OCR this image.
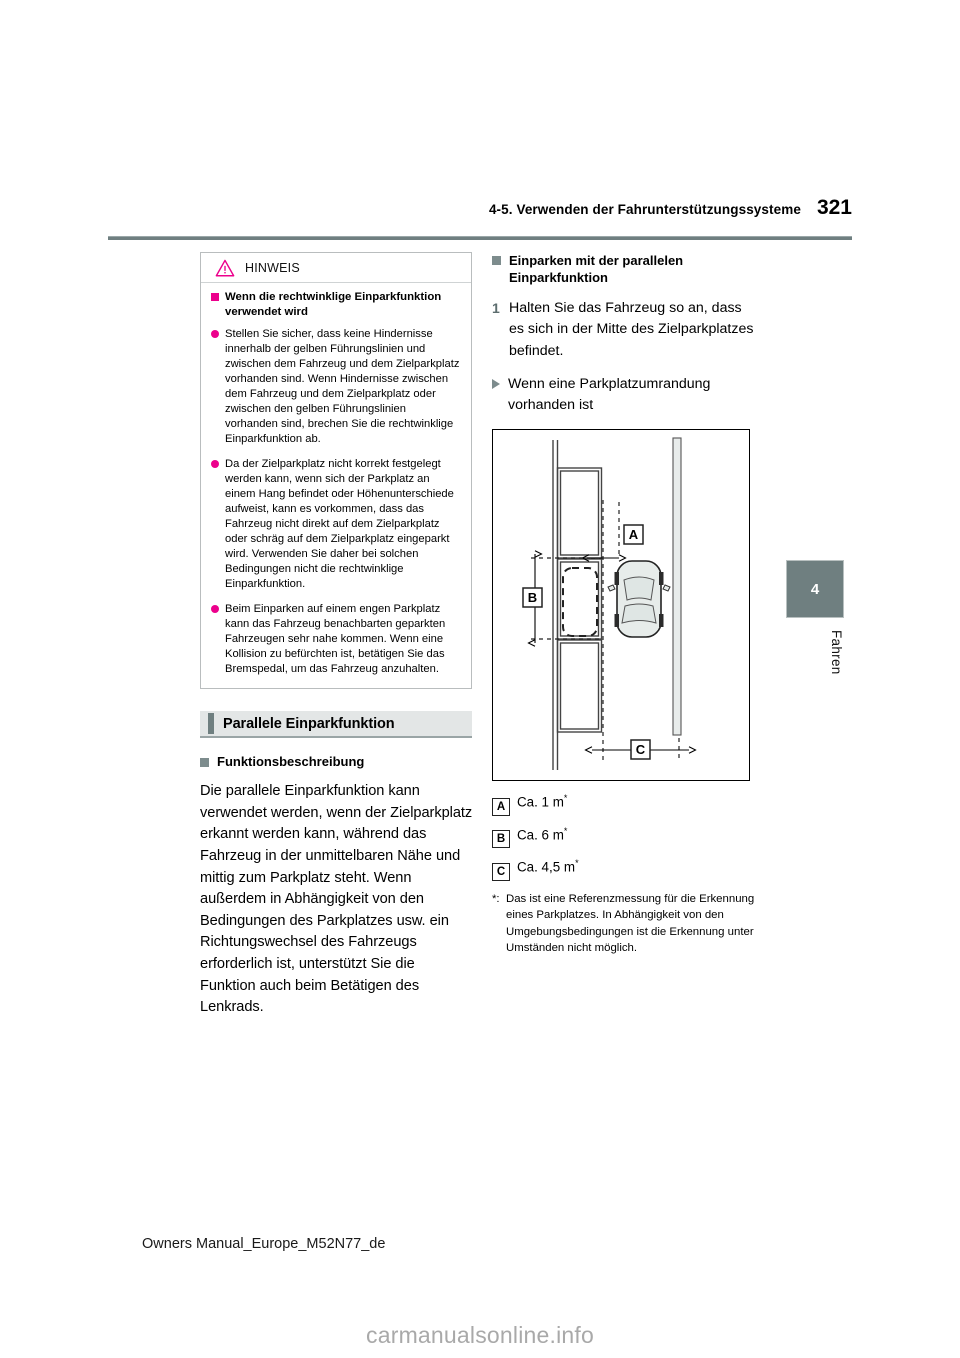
4-5. Verwenden der Fahrunterstützungssysteme 321
4
Fahren
HINWEIS
Wenn die rechtwinklige Einparkfunktion verwendet wird
Stellen Sie sicher, dass keine Hindernisse innerhalb der gelben Führungslinien und zwischen dem Fahrzeug und dem Zielparkplatz vorhanden sind. Wenn Hindernisse zwischen dem Fahrzeug und dem Zielparkplatz oder zwischen den gelben Führungslinien vorhanden sind, brechen Sie die rechtwinklige Einparkfunktion ab.
Da der Zielparkplatz nicht korrekt festgelegt werden kann, wenn sich der Parkplatz an einem Hang befindet oder Höhenunterschiede aufweist, kann es vorkommen, dass das Fahrzeug nicht direkt auf dem Zielparkplatz oder schräg auf dem Zielparkplatz eingeparkt wird. Verwenden Sie daher bei solchen Bedingungen nicht die rechtwinklige Einparkfunktion.
Beim Einparken auf einem engen Parkplatz kann das Fahrzeug benachbarten geparkten Fahrzeugen sehr nahe kommen. Wenn eine Kollision zu befürchten ist, betätigen Sie das Bremspedal, um das Fahrzeug anzuhalten.
Parallele Einparkfunktion
Funktionsbeschreibung
Die parallele Einparkfunktion kann verwendet werden, wenn der Zielparkplatz erkannt werden kann, während das Fahrzeug in der unmittelbaren Nähe und mittig zum Parkplatz steht. Wenn außerdem in Abhängigkeit von den Bedingungen des Parkplatzes usw. ein Richtungswechsel des Fahrzeugs erforderlich ist, unterstützt Sie die Funktion auch beim Betätigen des Lenkrads.
Einparken mit der parallelen Einparkfunktion
1 Halten Sie das Fahrzeug so an, dass es sich in der Mitte des Zielparkplatzes befindet.
Wenn eine Parkplatzumrandung vorhanden ist
A
B
C
A Ca. 1 m*
B Ca. 6 m*
C Ca. 4,5 m*
*: Das ist eine Referenzmessung für die Erkennung eines Parkplatzes. In Abhängigkeit von den Umgebungsbedingungen ist die Erkennung unter Umständen nicht möglich.
Owners Manual_Europe_M52N77_de
carmanualsonline.info
